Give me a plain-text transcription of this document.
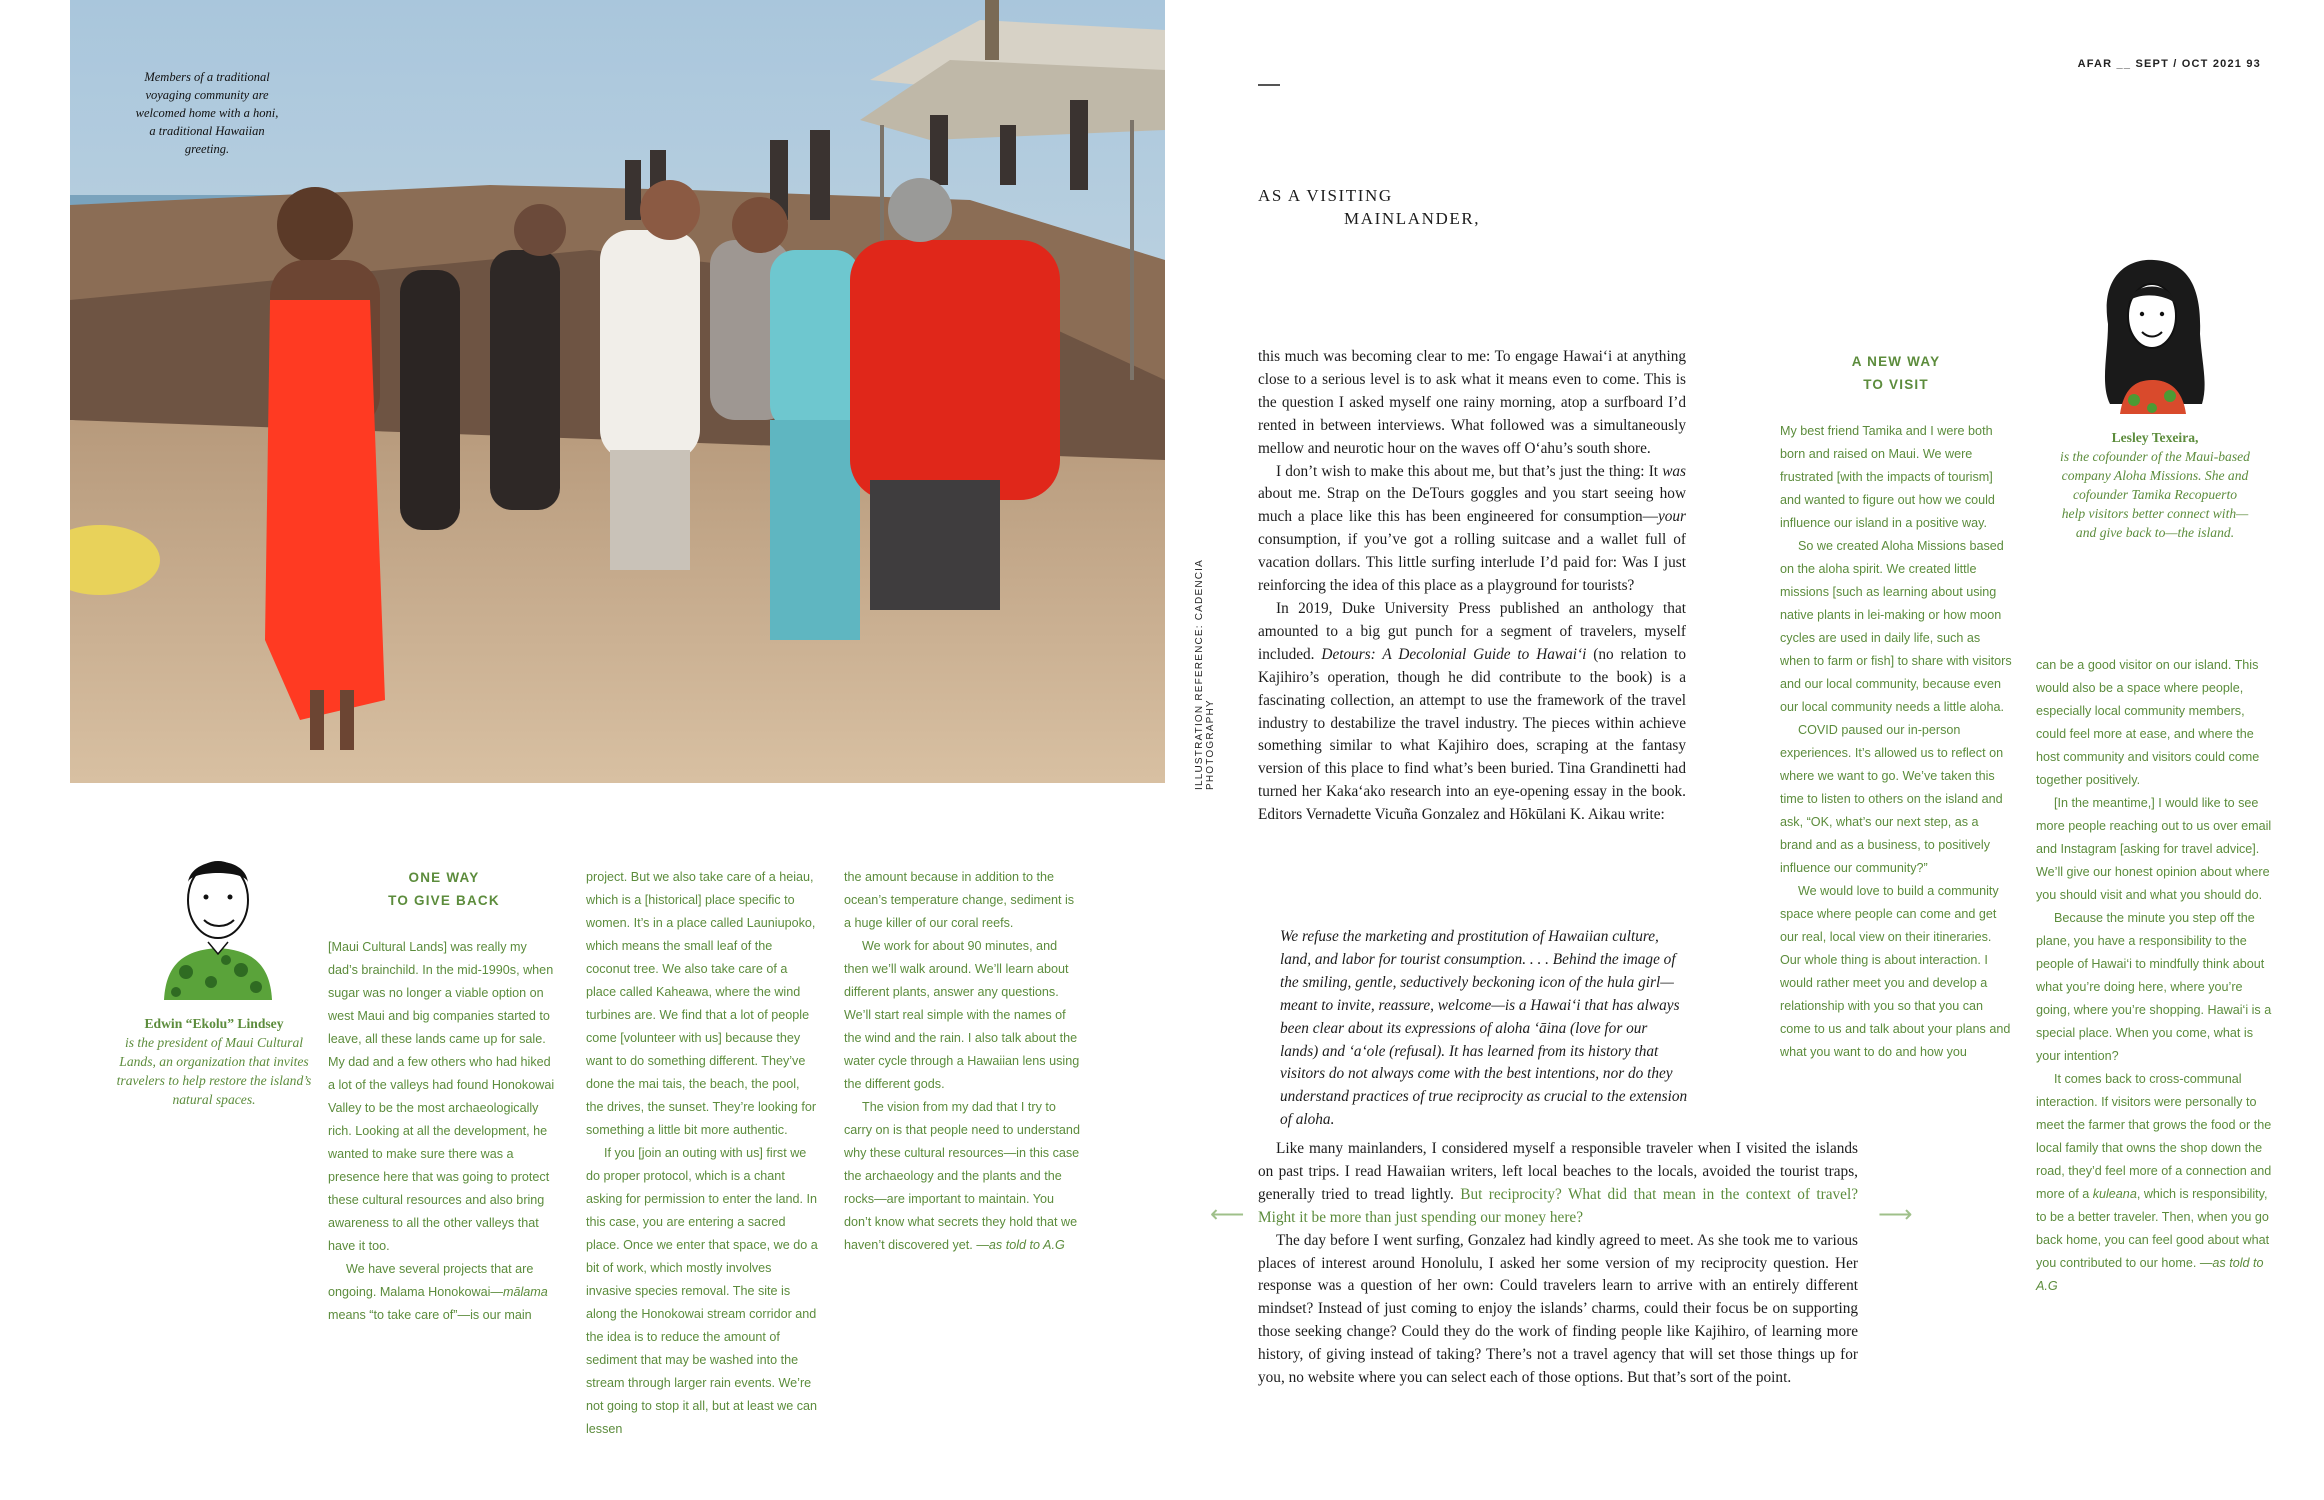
Members of a traditional voyaging community are welcomed home with a honi, a traditional Hawaiian greeting.
ILLUSTRATION REFERENCE: CADENCIA PHOTOGRAPHY
AFAR __ SEPT / OCT 2021 93
AS A VISITING
MAINLANDER,

this much was becoming clear to me: To engage Hawai‘i at anything close to a serious level is to ask what it means even to come. This is the question I asked myself one rainy morning, atop a surfboard I’d rented in between interviews. What followed was a simultaneously mellow and neurotic hour on the waves off O‘ahu’s south shore.

I don’t wish to make this about me, but that’s just the thing: It was about me. Strap on the DeTours goggles and you start seeing how much a place like this has been engineered for consumption—your consumption, if you’ve got a rolling suitcase and a wallet full of vacation dollars. This little surfing interlude I’d paid for: Was I just reinforcing the idea of this place as a playground for tourists?

In 2019, Duke University Press published an anthology that amounted to a big gut punch for a segment of travelers, myself included. Detours: A Decolonial Guide to Hawai‘i (no relation to Kajihiro’s operation, though he did contribute to the book) is a fascinating collection, an attempt to use the framework of the travel industry to destabilize the travel industry. The pieces within achieve something similar to what Kajihiro does, scraping at the fantasy version of this place to find what’s been buried. Tina Grandinetti had turned her Kaka‘ako research into an eye-opening essay in the book. Editors Vernadette Vicuña Gonzalez and Hōkūlani K. Aikau write:

We refuse the marketing and prostitution of Hawaiian culture, land, and labor for tourist consumption. . . . Behind the image of the smiling, gentle, seductively beckoning icon of the hula girl—meant to invite, reassure, welcome—is a Hawai‘i that has always been clear about its expressions of aloha ‘āina (love for our lands) and ‘a‘ole (refusal). It has learned from its history that visitors do not always come with the best intentions, nor do they understand practices of true reciprocity as crucial to the extension of aloha.

Like many mainlanders, I considered myself a responsible traveler when I visited the islands on past trips. I read Hawaiian writers, left local beaches to the locals, avoided the tourist traps, generally tried to tread lightly. But reciprocity? What did that mean in the context of travel? Might it be more than just spending our money here?

The day before I went surfing, Gonzalez had kindly agreed to meet. As she took me to various places of interest around Honolulu, I asked her some version of my reciprocity question. Her response was a question of her own: Could travelers learn to arrive with an entirely different mindset? Instead of just coming to enjoy the islands’ charms, could their focus be on supporting those seeking change? Could they do the work of finding people like Kajihiro, of learning more history, of giving instead of taking? There’s not a travel agency that will set those things up for you, no website where you can select each of those options. But that’s sort of the point.

⟵	⟶
Edwin “Ekolu” Lindsey
is the president of Maui Cultural Lands, an organization that invites travelers to help restore the island’s natural spaces.
ONE WAY
TO GIVE BACK

[Maui Cultural Lands] was really my dad’s brainchild. In the mid-1990s, when sugar was no longer a viable option on west Maui and big companies started to leave, all these lands came up for sale. My dad and a few others who had hiked a lot of the valleys had found Honokowai Valley to be the most archaeologically rich. Looking at all the development, he wanted to make sure there was a presence here that was going to protect these cultural resources and also bring awareness to all the other valleys that have it too.

We have several projects that are ongoing. Malama Honokowai—mālama means “to take care of”—is our main

project. But we also take care of a heiau, which is a [historical] place specific to women. It’s in a place called Launiupoko, which means the small leaf of the coconut tree. We also take care of a place called Kaheawa, where the wind turbines are. We find that a lot of people come [volunteer with us] because they want to do something different. They’ve done the mai tais, the beach, the pool, the drives, the sunset. They’re looking for something a little bit more authentic.

If you [join an outing with us] first we do proper protocol, which is a chant asking for permission to enter the land. In this case, you are entering a sacred place. Once we enter that space, we do a bit of work, which mostly involves invasive species removal. The site is along the Honokowai stream corridor and the idea is to reduce the amount of sediment that may be washed into the stream through larger rain events. We’re not going to stop it all, but at least we can lessen

the amount because in addition to the ocean’s temperature change, sediment is a huge killer of our coral reefs.

We work for about 90 minutes, and then we’ll walk around. We’ll learn about different plants, answer any questions. We’ll start real simple with the names of the wind and the rain. I also talk about the water cycle through a Hawaiian lens using the different gods.

The vision from my dad that I try to carry on is that people need to understand why these cultural resources—in this case the archaeology and the plants and the rocks—are important to maintain. You don’t know what secrets they hold that we haven’t discovered yet. —as told to A.G

A NEW WAY
TO VISIT
Lesley Texeira,
is the cofounder of the Maui-based company Aloha Missions. She and cofounder Tamika Recopuerto help visitors better connect with—and give back to—the island.

My best friend Tamika and I were both born and raised on Maui. We were frustrated [with the impacts of tourism] and wanted to figure out how we could influence our island in a positive way.

So we created Aloha Missions based on the aloha spirit. We created little missions [such as learning about using native plants in lei-making or how moon cycles are used in daily life, such as when to farm or fish] to share with visitors and our local community, because even our local community needs a little aloha.

COVID paused our in-person experiences. It’s allowed us to reflect on where we want to go. We’ve taken this time to listen to others on the island and ask, “OK, what’s our next step, as a brand and as a business, to positively influence our community?”

We would love to build a community space where people can come and get our real, local view on their itineraries. Our whole thing is about interaction. I would rather meet you and develop a relationship with you so that you can come to us and talk about your plans and what you want to do and how you

can be a good visitor on our island. This would also be a space where people, especially local community members, could feel more at ease, and where the host community and visitors could come together positively.

[In the meantime,] I would like to see more people reaching out to us over email and Instagram [asking for travel advice]. We’ll give our honest opinion about where you should visit and what you should do.

Because the minute you step off the plane, you have a responsibility to the people of Hawai‘i to mindfully think about what you’re doing here, where you’re going, where you’re shopping. Hawai‘i is a special place. When you come, what is your intention?

It comes back to cross-communal interaction. If visitors were personally to meet the farmer that grows the food or the local family that owns the shop down the road, they’d feel more of a connection and more of a kuleana, which is responsibility, to be a better traveler. Then, when you go back home, you can feel good about what you contributed to our home. —as told to A.G
